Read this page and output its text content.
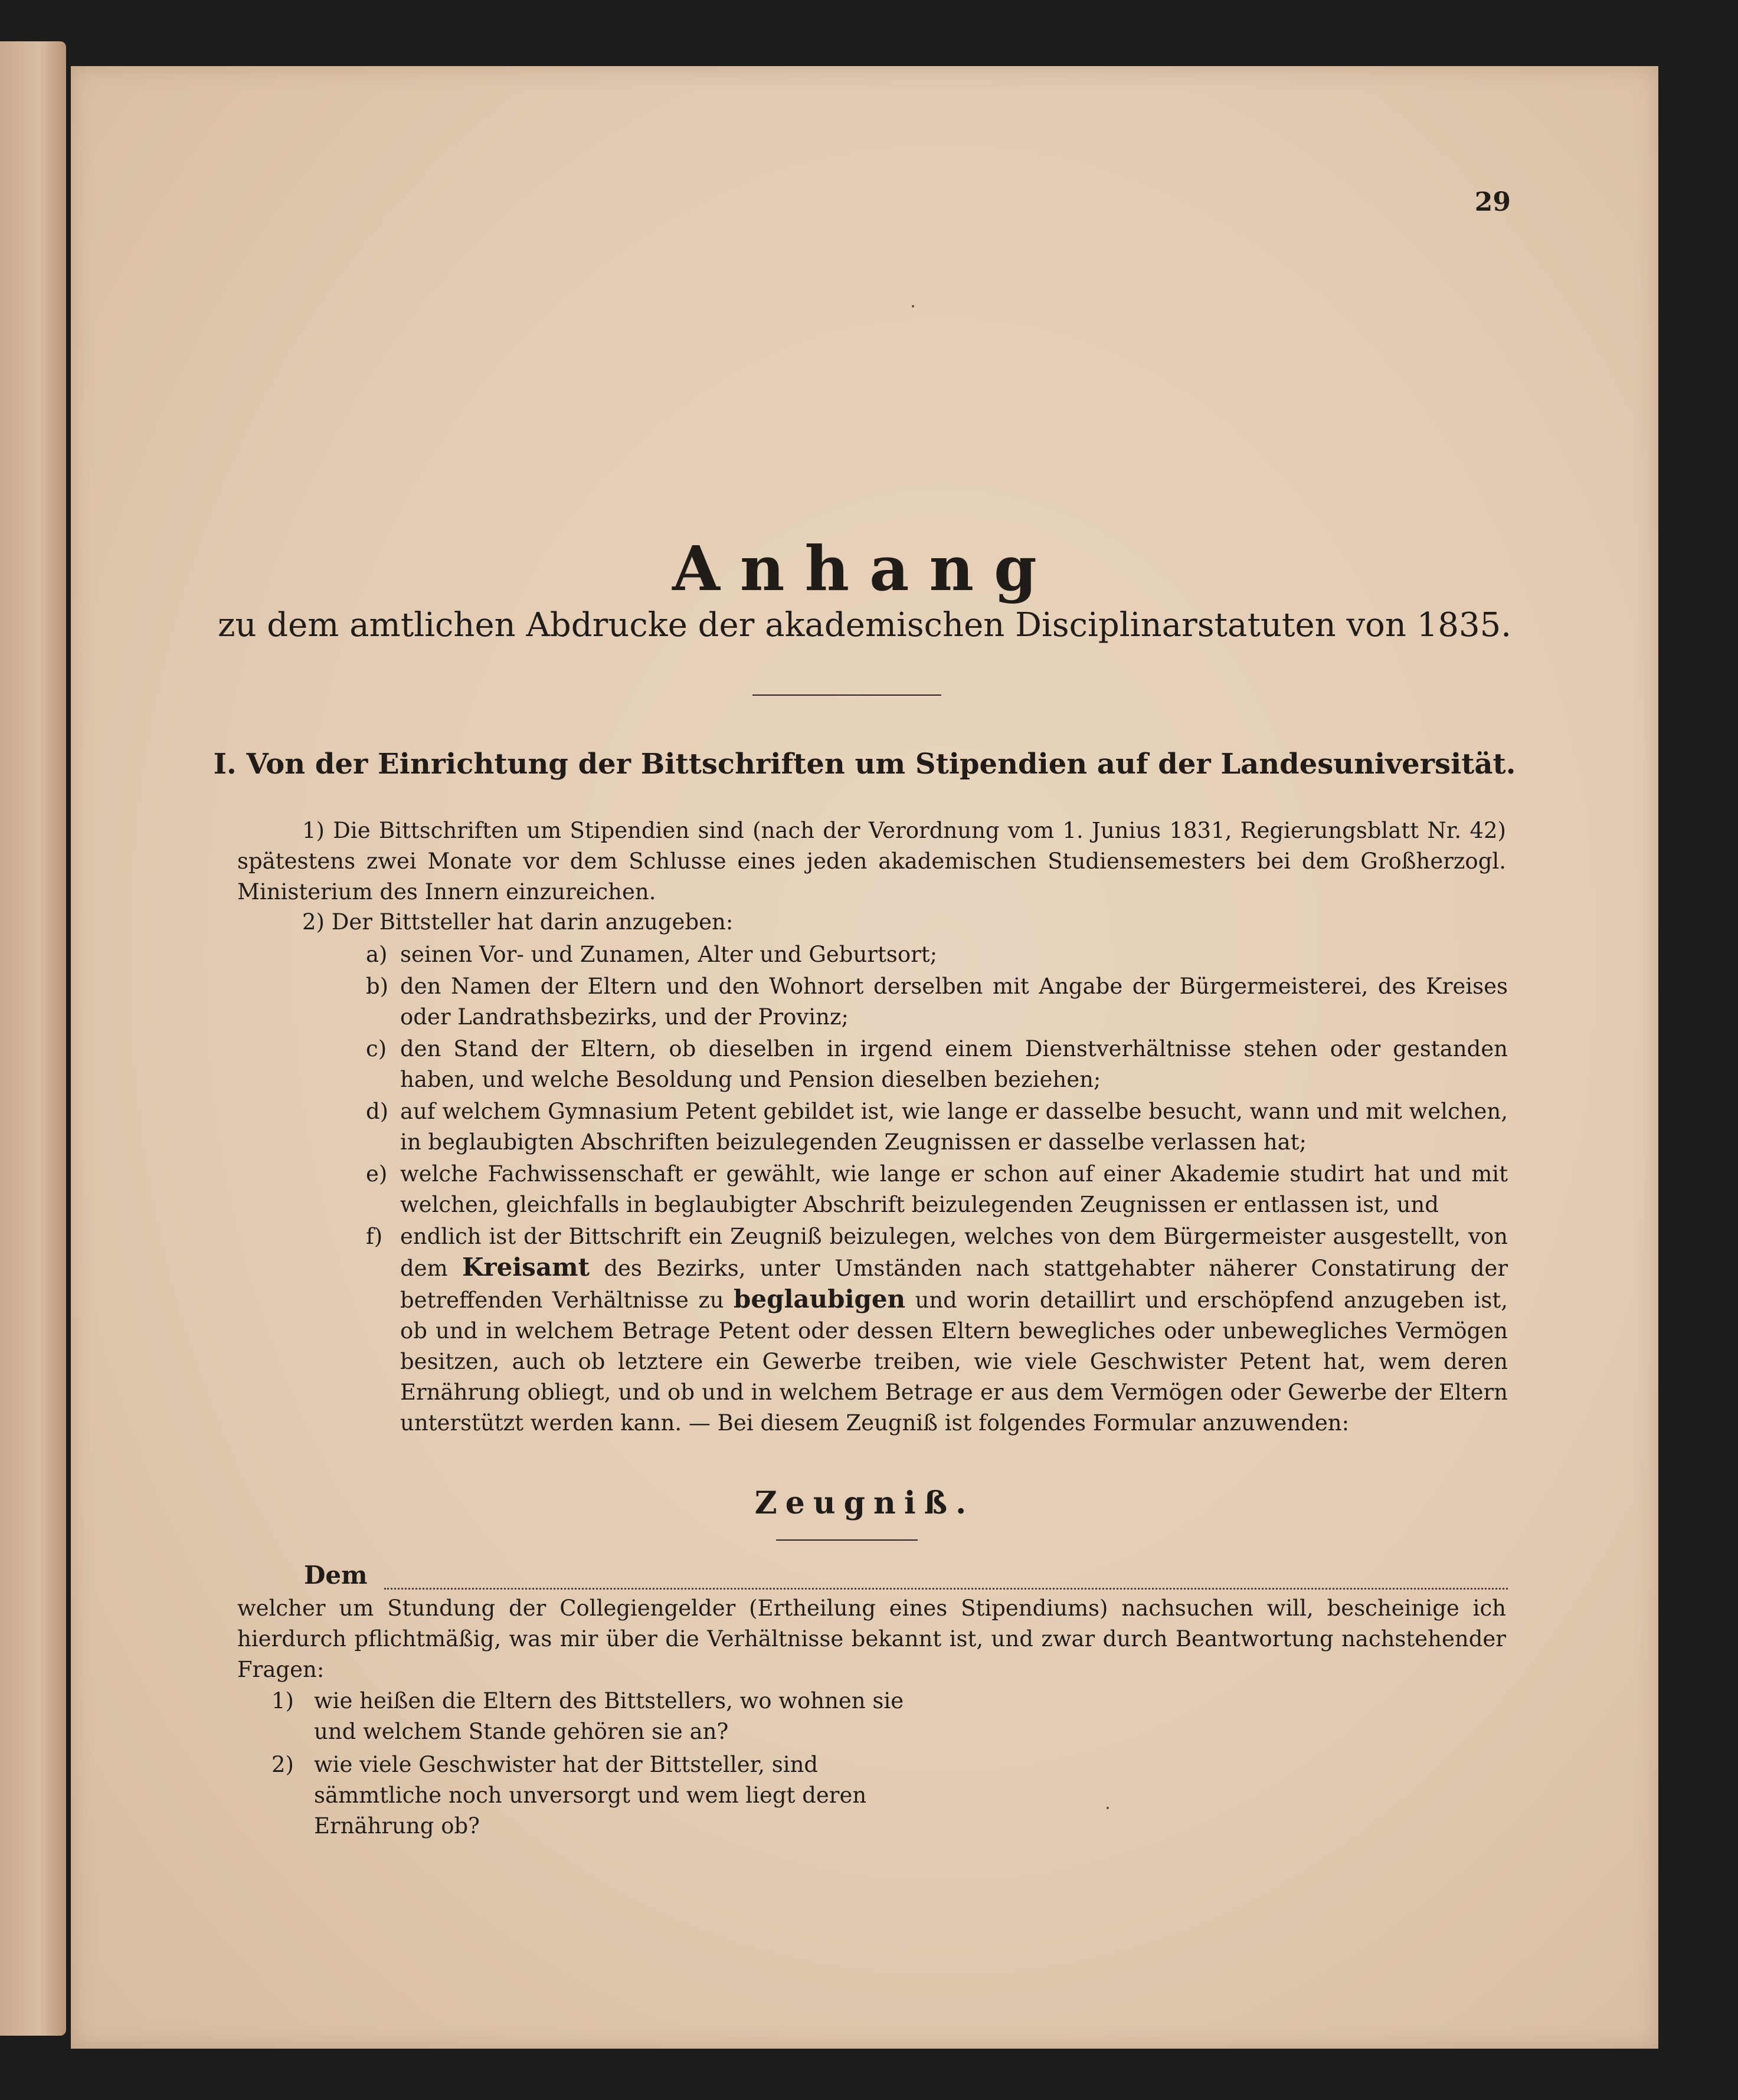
29
Anhang
zu dem amtlichen Abdrucke der akademischen Disciplinarstatuten von 1835.
I. Von der Einrichtung der Bittschriften um Stipendien auf der Landesuniversität.
1) Die Bittschriften um Stipendien sind (nach der Verordnung vom 1. Junius 1831, Regierungsblatt Nr. 42) spätestens zwei Monate vor dem Schlusse eines jeden akademischen Studiensemesters bei dem Großherzogl. Ministerium des Innern einzureichen.
2) Der Bittsteller hat darin anzugeben:
a) seinen Vor- und Zunamen, Alter und Geburtsort;
b) den Namen der Eltern und den Wohnort derselben mit Angabe der Bürgermeisterei, des Kreises oder Landrathsbezirks, und der Provinz;
c) den Stand der Eltern, ob dieselben in irgend einem Dienstverhältnisse stehen oder gestanden haben, und welche Besoldung und Pension dieselben beziehen;
d) auf welchem Gymnasium Petent gebildet ist, wie lange er dasselbe besucht, wann und mit welchen, in beglaubigten Abschriften beizulegenden Zeugnissen er dasselbe verlassen hat;
e) welche Fachwissenschaft er gewählt, wie lange er schon auf einer Akademie studirt hat und mit welchen, gleichfalls in beglaubigter Abschrift beizulegenden Zeugnissen er entlassen ist, und
f) endlich ist der Bittschrift ein Zeugniß beizulegen, welches von dem Bürgermeister ausgestellt, von dem Kreisamt des Bezirks, unter Umständen nach stattgehabter näherer Constatirung der betreffenden Verhältnisse zu beglaubigen und worin detaillirt und erschöpfend anzugeben ist, ob und in welchem Betrage Petent oder dessen Eltern bewegliches oder unbewegliches Vermögen besitzen, auch ob letztere ein Gewerbe treiben, wie viele Geschwister Petent hat, wem deren Ernährung obliegt, und ob und in welchem Betrage er aus dem Vermögen oder Gewerbe der Eltern unterstützt werden kann. — Bei diesem Zeugniß ist folgendes Formular anzuwenden:
Zeugniß.
Dem
welcher um Stundung der Collegiengelder (Ertheilung eines Stipendiums) nachsuchen will, bescheinige ich hierdurch pflichtmäßig, was mir über die Verhältnisse bekannt ist, und zwar durch Beantwortung nachstehender Fragen:
1) wie heißen die Eltern des Bittstellers, wo wohnen sie und welchem Stande gehören sie an?
2) wie viele Geschwister hat der Bittsteller, sind sämmtliche noch unversorgt und wem liegt deren Ernährung ob?
